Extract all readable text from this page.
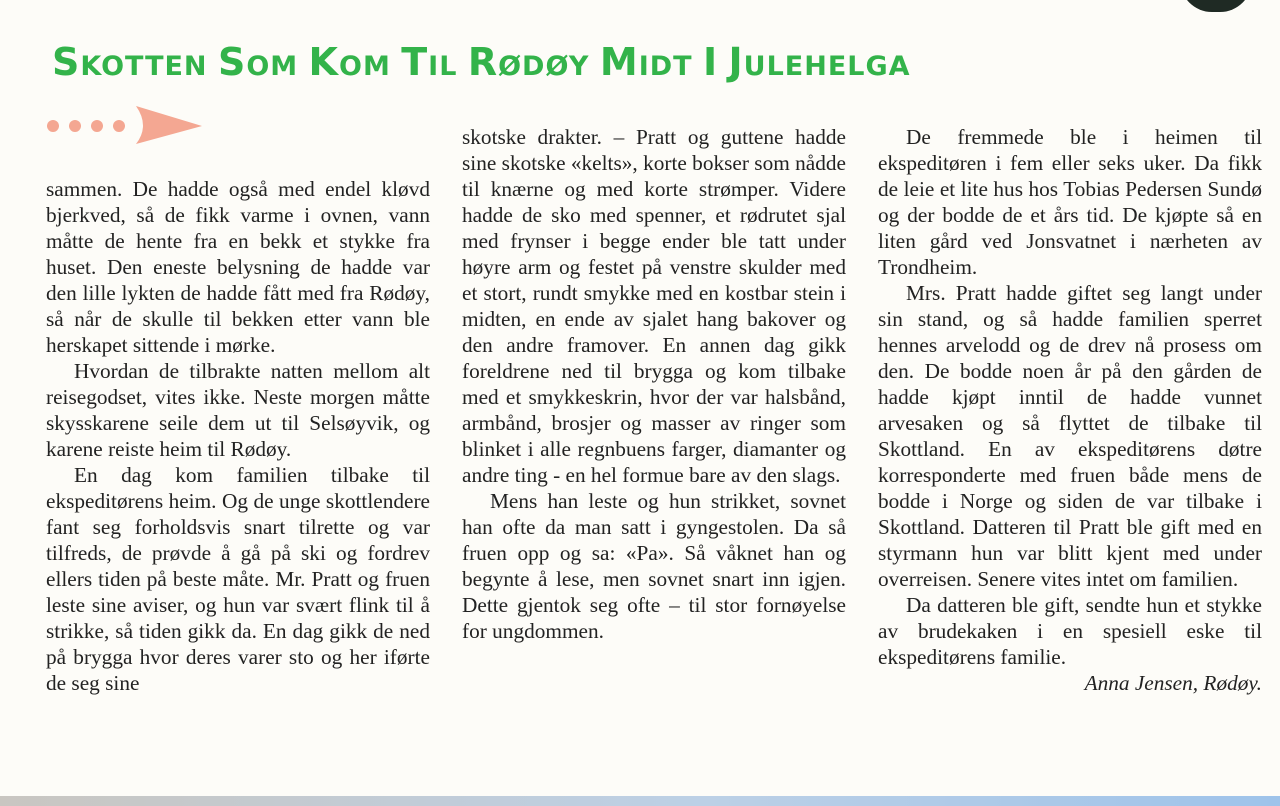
SKOTTEN SOM KOM TIL RØDØY MIDT I JULEHELGA

sammen. De hadde også med endel kløvd bjerkved, så de fikk varme i ovnen, vann måtte de hente fra en bekk et stykke fra huset. Den eneste belysning de hadde var den lille lykten de hadde fått med fra Rødøy, så når de skulle til bekken etter vann ble herskapet sittende i mørke.

Hvordan de tilbrakte natten mellom alt reisegodset, vites ikke. Neste morgen måtte skysskarene seile dem ut til Selsøyvik, og karene reiste heim til Rødøy.

En dag kom familien tilbake til ekspeditørens heim. Og de unge skottlendere fant seg forholdsvis snart tilrette og var tilfreds, de prøvde å gå på ski og fordrev ellers tiden på beste måte. Mr. Pratt og fruen leste sine aviser, og hun var svært flink til å strikke, så tiden gikk da. En dag gikk de ned på brygga hvor deres varer sto og her iførte de seg sine

skotske drakter. – Pratt og guttene hadde sine skotske «kelts», korte bokser som nådde til knærne og med korte strømper. Videre hadde de sko med spenner, et rødrutet sjal med frynser i begge ender ble tatt under høyre arm og festet på venstre skulder med et stort, rundt smykke med en kostbar stein i midten, en ende av sjalet hang bakover og den andre framover. En annen dag gikk foreldrene ned til brygga og kom tilbake med et smykkeskrin, hvor der var halsbånd, armbånd, brosjer og masser av ringer som blinket i alle regnbuens farger, diamanter og andre ting - en hel formue bare av den slags.

Mens han leste og hun strikket, sovnet han ofte da man satt i gyngestolen. Da så fruen opp og sa: «Pa». Så våknet han og begynte å lese, men sovnet snart inn igjen. Dette gjentok seg ofte – til stor fornøyelse for ungdommen.

De fremmede ble i heimen til ekspeditøren i fem eller seks uker. Da fikk de leie et lite hus hos Tobias Pedersen Sundø og der bodde de et års tid. De kjøpte så en liten gård ved Jonsvatnet i nærheten av Trondheim.

Mrs. Pratt hadde giftet seg langt under sin stand, og så hadde familien sperret hennes arvelodd og de drev nå prosess om den. De bodde noen år på den gården de hadde kjøpt inntil de hadde vunnet arvesaken og så flyttet de tilbake til Skottland. En av ekspeditørens døtre korresponderte med fruen både mens de bodde i Norge og siden de var tilbake i Skottland. Datteren til Pratt ble gift med en styrmann hun var blitt kjent med under overreisen. Senere vites intet om familien.

Da datteren ble gift, sendte hun et stykke av brudekaken i en spesiell eske til ekspeditørens familie.

Anna Jensen, Rødøy.
